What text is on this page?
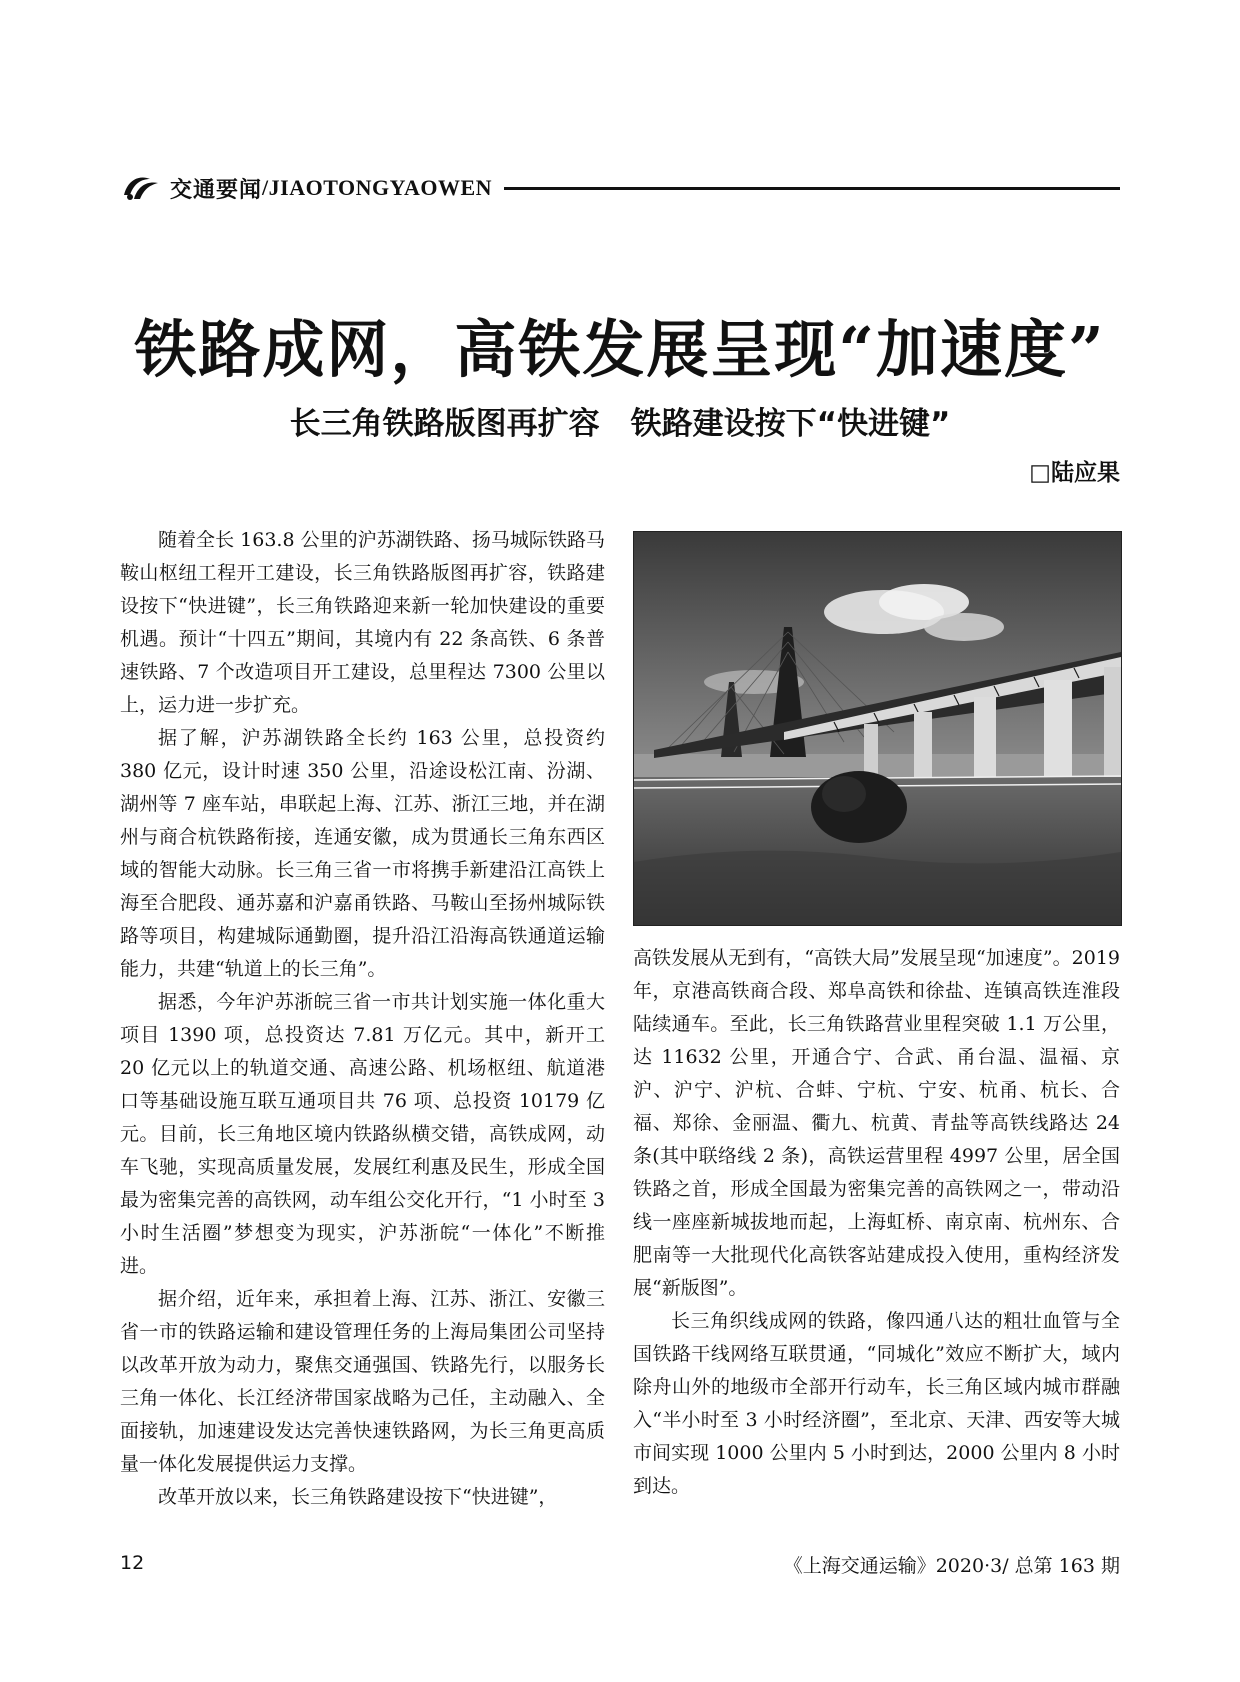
交通要闻 /JIAOTONGYAOWEN
铁路成网，高铁发展呈现“加速度”
长三角铁路版图再扩容　铁路建设按下“快进键”
□陆应果

随着全长 163.8 公里的沪苏湖铁路、扬马城际铁路马鞍山枢纽工程开工建设，长三角铁路版图再扩容，铁路建设按下“快进键”，长三角铁路迎来新一轮加快建设的重要机遇。预计“十四五”期间，其境内有 22 条高铁、6 条普速铁路、7 个改造项目开工建设，总里程达 7300 公里以上，运力进一步扩充。

据了解，沪苏湖铁路全长约 163 公里，总投资约 380 亿元，设计时速 350 公里，沿途设松江南、汾湖、湖州等 7 座车站，串联起上海、江苏、浙江三地，并在湖州与商合杭铁路衔接，连通安徽，成为贯通长三角东西区域的智能大动脉。长三角三省一市将携手新建沿江高铁上海至合肥段、通苏嘉和沪嘉甬铁路、马鞍山至扬州城际铁路等项目，构建城际通勤圈，提升沿江沿海高铁通道运输能力，共建“轨道上的长三角”。

据悉，今年沪苏浙皖三省一市共计划实施一体化重大项目 1390 项，总投资达 7.81 万亿元。其中，新开工 20 亿元以上的轨道交通、高速公路、机场枢纽、航道港口等基础设施互联互通项目共 76 项、总投资 10179 亿元。目前，长三角地区境内铁路纵横交错，高铁成网，动车飞驰，实现高质量发展，发展红利惠及民生，形成全国最为密集完善的高铁网，动车组公交化开行，“1 小时至 3 小时生活圈”梦想变为现实，沪苏浙皖“一体化”不断推进。

据介绍，近年来，承担着上海、江苏、浙江、安徽三省一市的铁路运输和建设管理任务的上海局集团公司坚持以改革开放为动力，聚焦交通强国、铁路先行，以服务长三角一体化、长江经济带国家战略为己任，主动融入、全面接轨，加速建设发达完善快速铁路网，为长三角更高质量一体化发展提供运力支撑。

改革开放以来，长三角铁路建设按下“快进键”，

高铁发展从无到有，“高铁大局”发展呈现“加速度”。2019 年，京港高铁商合段、郑阜高铁和徐盐、连镇高铁连淮段陆续通车。至此，长三角铁路营业里程突破 1.1 万公里，达 11632 公里，开通合宁、合武、甬台温、温福、京沪、沪宁、沪杭、合蚌、宁杭、宁安、杭甬、杭长、合福、郑徐、金丽温、衢九、杭黄、青盐等高铁线路达 24 条(其中联络线 2 条)，高铁运营里程 4997 公里，居全国铁路之首，形成全国最为密集完善的高铁网之一，带动沿线一座座新城拔地而起，上海虹桥、南京南、杭州东、合肥南等一大批现代化高铁客站建成投入使用，重构经济发展“新版图”。

长三角织线成网的铁路，像四通八达的粗壮血管与全国铁路干线网络互联贯通，“同城化”效应不断扩大，域内除舟山外的地级市全部开行动车，长三角区域内城市群融入“半小时至 3 小时经济圈”，至北京、天津、西安等大城市间实现 1000 公里内 5 小时到达，2000 公里内 8 小时到达。

12	《上海交通运输》2020·3/ 总第 163 期
